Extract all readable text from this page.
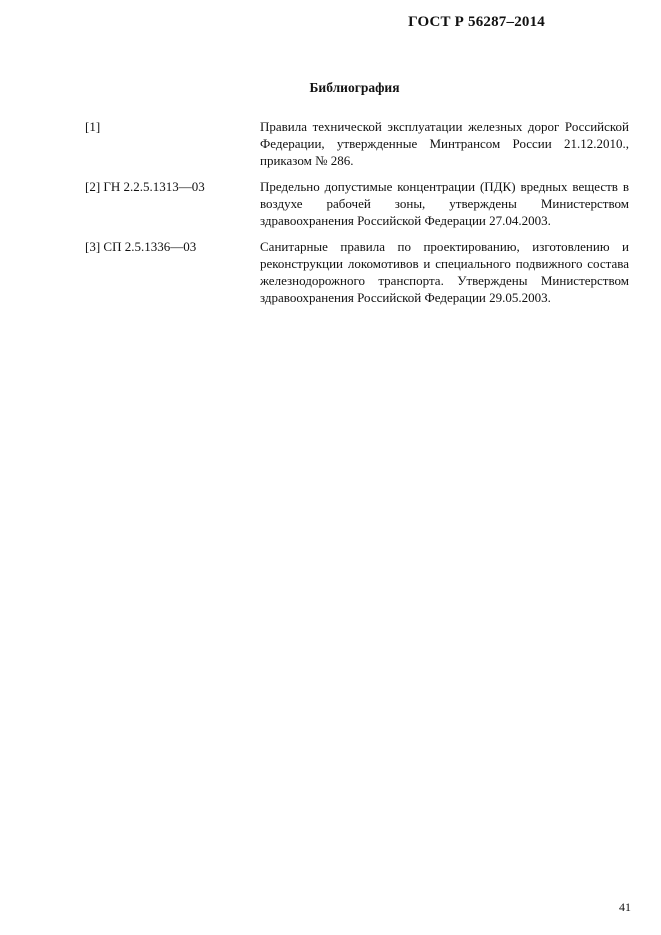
ГОСТ Р 56287–2014
Библиография
[1]	Правила технической эксплуатации железных дорог Российской Федерации, утвержденные Минтрансом России 21.12.2010., приказом № 286.
[2] ГН 2.2.5.1313—03	Предельно допустимые концентрации (ПДК) вредных веществ в воздухе рабочей зоны, утверждены Министерством здравоохранения Российской Федерации 27.04.2003.
[3] СП 2.5.1336—03	Санитарные правила по проектированию, изготовлению и реконструкции локомотивов и специального подвижного состава железнодорожного транспорта. Утверждены Министерством здравоохранения Российской Федерации 29.05.2003.
41
